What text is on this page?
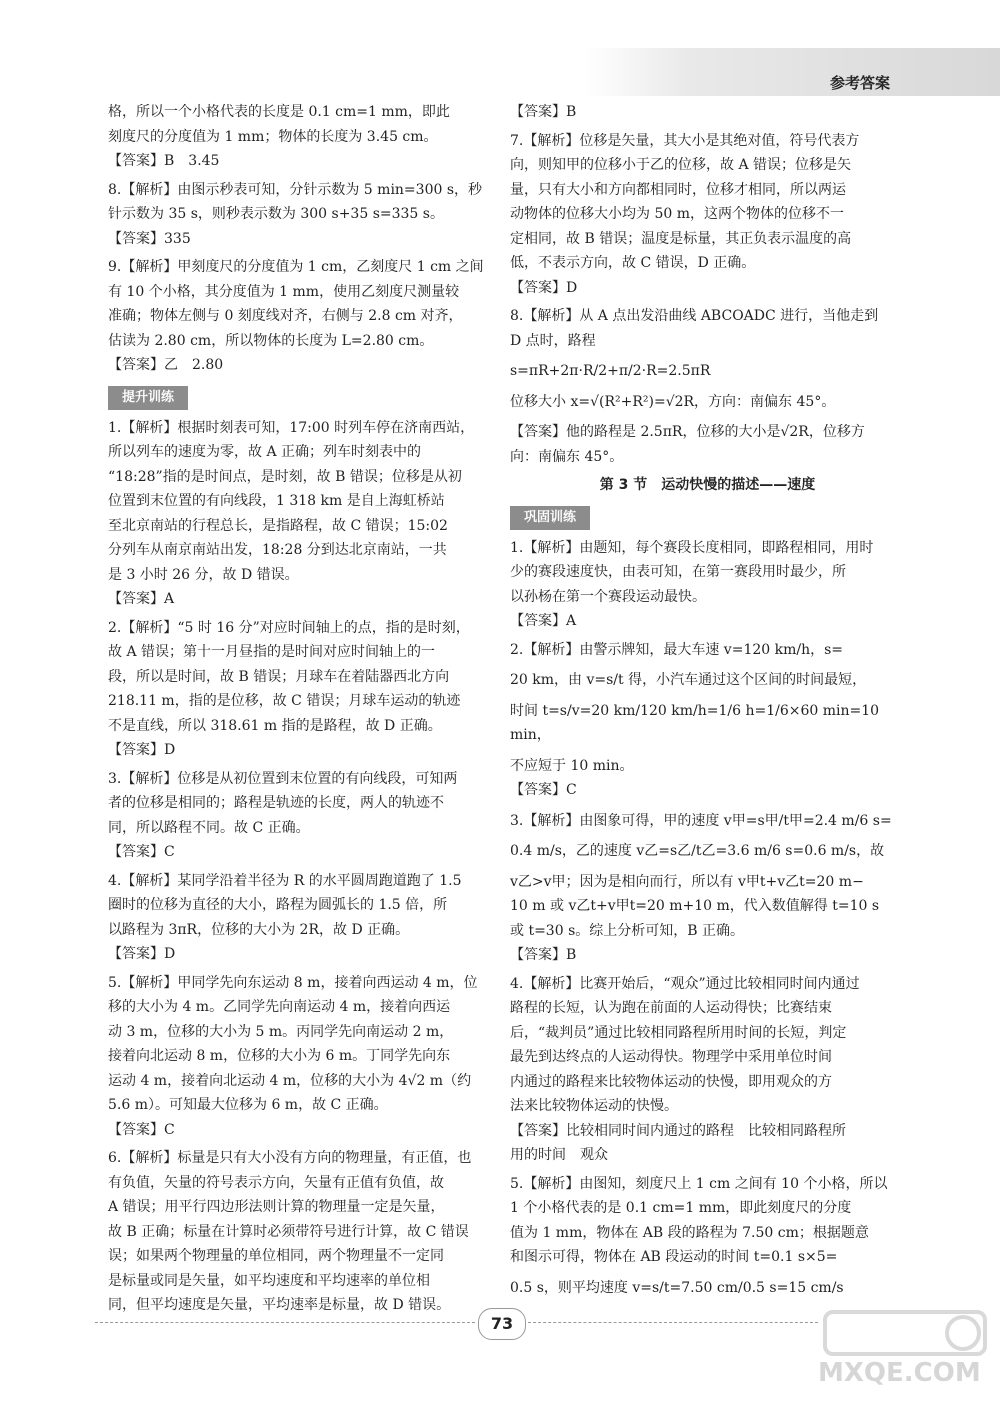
参考答案

格，所以一个小格代表的长度是 0.1 cm=1 mm，即此

刻度尺的分度值为 1 mm；物体的长度为 3.45 cm。

【答案】B　3.45

8.【解析】由图示秒表可知，分针示数为 5 min=300 s，秒

针示数为 35 s，则秒表示数为 300 s+35 s=335 s。

【答案】335

9.【解析】甲刻度尺的分度值为 1 cm，乙刻度尺 1 cm 之间

有 10 个小格，其分度值为 1 mm，使用乙刻度尺测量较

准确；物体左侧与 0 刻度线对齐，右侧与 2.8 cm 对齐，

估读为 2.80 cm，所以物体的长度为 L=2.80 cm。

【答案】乙　2.80

提升训练

1.【解析】根据时刻表可知，17:00 时列车停在济南西站，

所以列车的速度为零，故 A 正确；列车时刻表中的

“18:28”指的是时间点，是时刻，故 B 错误；位移是从初

位置到末位置的有向线段，1 318 km 是自上海虹桥站

至北京南站的行程总长，是指路程，故 C 错误；15:02

分列车从南京南站出发，18:28 分到达北京南站，一共

是 3 小时 26 分，故 D 错误。

【答案】A

2.【解析】“5 时 16 分”对应时间轴上的点，指的是时刻，

故 A 错误；第十一月昼指的是时间对应时间轴上的一

段，所以是时间，故 B 错误；月球车在着陆器西北方向

218.11 m，指的是位移，故 C 错误；月球车运动的轨迹

不是直线，所以 318.61 m 指的是路程，故 D 正确。

【答案】D

3.【解析】位移是从初位置到末位置的有向线段，可知两

者的位移是相同的；路程是轨迹的长度，两人的轨迹不

同，所以路程不同。故 C 正确。

【答案】C

4.【解析】某同学沿着半径为 R 的水平圆周跑道跑了 1.5

圈时的位移为直径的大小，路程为圆弧长的 1.5 倍，所

以路程为 3πR，位移的大小为 2R，故 D 正确。

【答案】D

5.【解析】甲同学先向东运动 8 m，接着向西运动 4 m，位

移的大小为 4 m。乙同学先向南运动 4 m，接着向西运

动 3 m，位移的大小为 5 m。丙同学先向南运动 2 m，

接着向北运动 8 m，位移的大小为 6 m。丁同学先向东

运动 4 m，接着向北运动 4 m，位移的大小为 4√2 m（约

5.6 m）。可知最大位移为 6 m，故 C 正确。

【答案】C

6.【解析】标量是只有大小没有方向的物理量，有正值，也

有负值，矢量的符号表示方向，矢量有正值有负值，故

A 错误；用平行四边形法则计算的物理量一定是矢量，

故 B 正确；标量在计算时必须带符号进行计算，故 C 错误

误；如果两个物理量的单位相同，两个物理量不一定同

是标量或同是矢量，如平均速度和平均速率的单位相

同，但平均速度是矢量，平均速率是标量，故 D 错误。

【答案】B

7.【解析】位移是矢量，其大小是其绝对值，符号代表方

向，则知甲的位移小于乙的位移，故 A 错误；位移是矢

量，只有大小和方向都相同时，位移才相同，所以两运

动物体的位移大小均为 50 m，这两个物体的位移不一

定相同，故 B 错误；温度是标量，其正负表示温度的高

低，不表示方向，故 C 错误，D 正确。

【答案】D

8.【解析】从 A 点出发沿曲线 ABCOADC 进行，当他走到

D 点时，路程

s=πR+2π·R/2+π/2·R=2.5πR

位移大小 x=√(R²+R²)=√2R，方向：南偏东 45°。

【答案】他的路程是 2.5πR，位移的大小是√2R，位移方

向：南偏东 45°。

第 3 节　运动快慢的描述——速度
巩固训练

1.【解析】由题知，每个赛段长度相同，即路程相同，用时

少的赛段速度快，由表可知，在第一赛段用时最少，所

以孙杨在第一个赛段运动最快。

【答案】A

2.【解析】由警示牌知，最大车速 v=120 km/h，s=

20 km，由 v=s/t 得，小汽车通过这个区间的时间最短，

时间 t=s/v=20 km/120 km/h=1/6 h=1/6×60 min=10 min，

不应短于 10 min。

【答案】C

3.【解析】由图象可得，甲的速度 v甲=s甲/t甲=2.4 m/6 s=

0.4 m/s，乙的速度 v乙=s乙/t乙=3.6 m/6 s=0.6 m/s，故

v乙>v甲；因为是相向而行，所以有 v甲t+v乙t=20 m−

10 m 或 v乙t+v甲t=20 m+10 m，代入数值解得 t=10 s

或 t=30 s。综上分析可知，B 正确。

【答案】B

4.【解析】比赛开始后，“观众”通过比较相同时间内通过

路程的长短，认为跑在前面的人运动得快；比赛结束

后，“裁判员”通过比较相同路程所用时间的长短，判定

最先到达终点的人运动得快。物理学中采用单位时间

内通过的路程来比较物体运动的快慢，即用观众的方

法来比较物体运动的快慢。

【答案】比较相同时间内通过的路程　比较相同路程所

用的时间　观众

5.【解析】由图知，刻度尺上 1 cm 之间有 10 个小格，所以

1 个小格代表的是 0.1 cm=1 mm，即此刻度尺的分度

值为 1 mm，物体在 AB 段的路程为 7.50 cm；根据题意

和图示可得，物体在 AB 段运动的时间 t=0.1 s×5=

0.5 s，则平均速度 v=s/t=7.50 cm/0.5 s=15 cm/s

73
MXQE.COM
